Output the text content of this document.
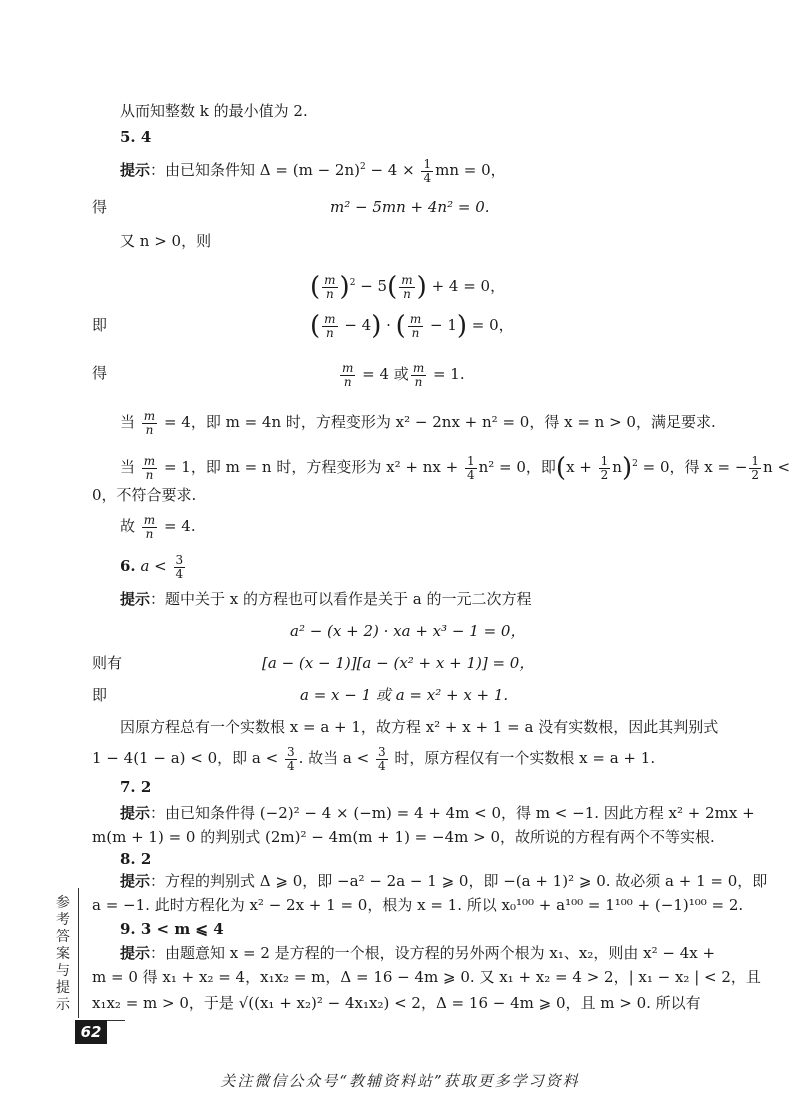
从而知整数 k 的最小值为 2.
5. 4
提示：由已知条件知 $\Delta = (m - 2n)^2 - 4 \times \frac{1}{4}$ mn = 0，
得	m² − 5mn + 4n² = 0.
又 n > 0，则
( $\frac{m}{n} )^2 - 5( \frac{m}{n}$ ) + 4 = 0，
即	( $\frac{m}{n} - 4$) · ( $\frac{m}{n} - 1) = 0$，
得	$\frac{m}{n} = 4$ 或 $\frac{m}{n} = 1$.
当 $\frac{m}{n} = 4$，即 m = 4n 时，方程变形为 x² − 2nx + n² = 0，得 x = n > 0，满足要求.
当 $\frac{m}{n} = 1$，即 m = n 时，方程变形为 x² + nx + $\frac{1}{4} n^2 = 0$，即$(x + \frac{1}{2} n)^2 = 0$，得 x = − $\frac{1}{2}$ n <
0，不符合要求.
故 $\frac{m}{n} = 4$.
6. $a < \frac{3}{4}$
提示：题中关于 x 的方程也可以看作是关于 a 的一元二次方程
a² − (x + 2) · xa + x³ − 1 = 0，
则有	[a − (x − 1)][a − (x² + x + 1)] = 0，
即	a = x − 1 或 a = x² + x + 1.
因原方程总有一个实数根 x = a + 1，故方程 x² + x + 1 = a 没有实数根，因此其判别式
1 − 4(1 − a) < 0，即 $a < \frac{3}{4}$ . 故当 $a < \frac{3}{4}$ 时，原方程仅有一个实数根 x = a + 1.
7. 2
提示：由已知条件得 (−2)² − 4 × (−m) = 4 + 4m < 0，得 m < −1. 因此方程 x² + 2mx +
m(m + 1) = 0 的判别式 (2m)² − 4m(m + 1) = −4m > 0，故所说的方程有两个不等实根.
8. 2
提示：方程的判别式 Δ ⩾ 0，即 −a² − 2a − 1 ⩾ 0，即 −(a + 1)² ⩾ 0. 故必须 a + 1 = 0，即
a = −1. 此时方程化为 x² − 2x + 1 = 0，根为 x = 1. 所以 x₀¹⁰⁰ + a¹⁰⁰ = 1¹⁰⁰ + (−1)¹⁰⁰ = 2.
9. 3 < m ⩽ 4
提示：由题意知 x = 2 是方程的一个根，设方程的另外两个根为 x₁、x₂，则由 x² − 4x +
m = 0 得 x₁ + x₂ = 4，x₁x₂ = m，Δ = 16 − 4m ⩾ 0. 又 x₁ + x₂ = 4 > 2，| x₁ − x₂ | < 2，且
x₁x₂ = m > 0，于是 √((x₁ + x₂)² − 4x₁x₂) < 2，Δ = 16 − 4m ⩾ 0，且 m > 0. 所以有
参考答案与提示
62
关注微信公众号“教辅资料站”获取更多学习资料
